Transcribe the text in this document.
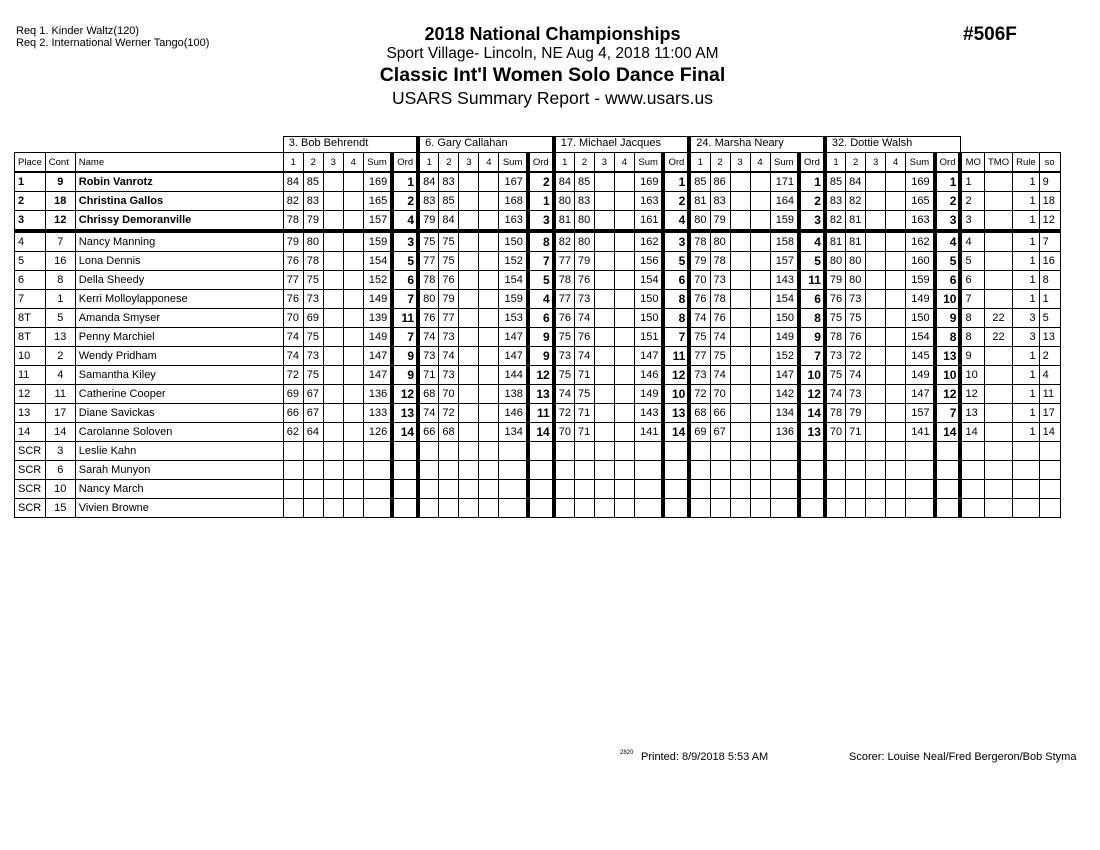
Req 1. Kinder Waltz(120)
Req 2. International Werner Tango(100)	2018 National Championships
Sport Village- Lincoln, NE Aug 4, 2018 11:00 AM
Classic Int'l Women Solo Dance Final
USARS Summary Report - www.usars.us
#506F
			3. Bob Behrendt						6. Gary Callahan						17. Michael Jacques						24. Marsha Neary						32. Dottie Walsh									
Place	Cont	Name	1	2	3	4	Sum	Ord	1	2	3	4	Sum	Ord	1	2	3	4	Sum	Ord	1	2	3	4	Sum	Ord	1	2	3	4	Sum	Ord	MO	TMO	Rule	so
1	9	Robin Vanrotz	84	85			169	1	84	83			167	2	84	85			169	1	85	86			171	1	85	84			169	1	1		1	9
2	18	Christina Gallos	82	83			165	2	83	85			168	1	80	83			163	2	81	83			164	2	83	82			165	2	2		1	18
3	12	Chrissy Demoranville	78	79			157	4	79	84			163	3	81	80			161	4	80	79			159	3	82	81			163	3	3		1	12
4	7	Nancy Manning	79	80			159	3	75	75			150	8	82	80			162	3	78	80			158	4	81	81			162	4	4		1	7
5	16	Lona Dennis	76	78			154	5	77	75			152	7	77	79			156	5	79	78			157	5	80	80			160	5	5		1	16
6	8	Della Sheedy	77	75			152	6	78	76			154	5	78	76			154	6	70	73			143	11	79	80			159	6	6		1	8
7	1	Kerri Molloylapponese	76	73			149	7	80	79			159	4	77	73			150	8	76	78			154	6	76	73			149	10	7		1	1
8T	5	Amanda Smyser	70	69			139	11	76	77			153	6	76	74			150	8	74	76			150	8	75	75			150	9	8	22	3	5
8T	13	Penny Marchiel	74	75			149	7	74	73			147	9	75	76			151	7	75	74			149	9	78	76			154	8	8	22	3	13
10	2	Wendy Pridham	74	73			147	9	73	74			147	9	73	74			147	11	77	75			152	7	73	72			145	13	9		1	2
11	4	Samantha Kiley	72	75			147	9	71	73			144	12	75	71			146	12	73	74			147	10	75	74			149	10	10		1	4
12	11	Catherine Cooper	69	67			136	12	68	70			138	13	74	75			149	10	72	70			142	12	74	73			147	12	12		1	11
13	17	Diane Savickas	66	67			133	13	74	72			146	11	72	71			143	13	68	66			134	14	78	79			157	7	13		1	17
14	14	Carolanne Soloven	62	64			126	14	66	68			134	14	70	71			141	14	69	67			136	13	70	71			141	14	14		1	14
SCR	3	Leslie Kahn																																		
SCR	6	Sarah Munyon																																		
SCR	10	Nancy March																																		
SCR	15	Vivien Browne																																		
2820 Printed: 8/9/2018 5:53 AM	Scorer: Louise Neal/Fred Bergeron/Bob Styma
